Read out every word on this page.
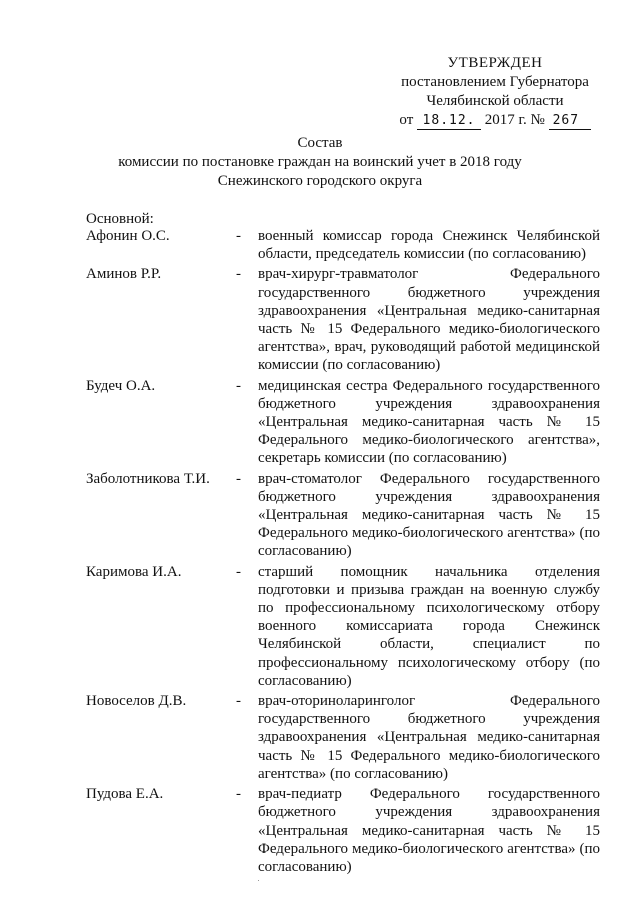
УТВЕРЖДЕН
постановлением Губернатора
Челябинской области
от 18.12. 2017 г. № 267
Состав
комиссии по постановке граждан на воинский учет в 2018 году
Снежинского городского округа
Основной:
Афонин О.С.	-	военный комиссар города Снежинск Челябинской области, председатель комиссии (по согласованию)
Аминов Р.Р.	-	врач-хирург-травматолог Федерального государственного бюджетного учреждения здравоохранения «Центральная медико-санитарная часть № 15 Федерального медико-биологического агентства», врач, руководящий работой медицинской комиссии (по согласованию)
Будеч О.А.	-	медицинская сестра Федерального государственного бюджетного учреждения здравоохранения «Центральная медико-санитарная часть № 15 Федерального медико-биологического агентства», секретарь комиссии (по согласованию)
Заболотникова Т.И.	-	врач-стоматолог Федерального государственного бюджетного учреждения здравоохранения «Центральная медико-санитарная часть № 15 Федерального медико-биологического агентства» (по согласованию)
Каримова И.А.	-	старший помощник начальника отделения подготовки и призыва граждан на военную службу по профессиональному психологическому отбору военного комиссариата города Снежинск Челябинской области, специалист по профессиональному психологическому отбору (по согласованию)
Новоселов Д.В.	-	врач-оториноларинголог Федерального государственного бюджетного учреждения здравоохранения «Центральная медико-санитарная часть № 15 Федерального медико-биологического агентства» (по согласованию)
Пудова Е.А.	-	врач-педиатр Федерального государственного бюджетного учреждения здравоохранения «Центральная медико-санитарная часть № 15 Федерального медико-биологического агентства» (по согласованию)
